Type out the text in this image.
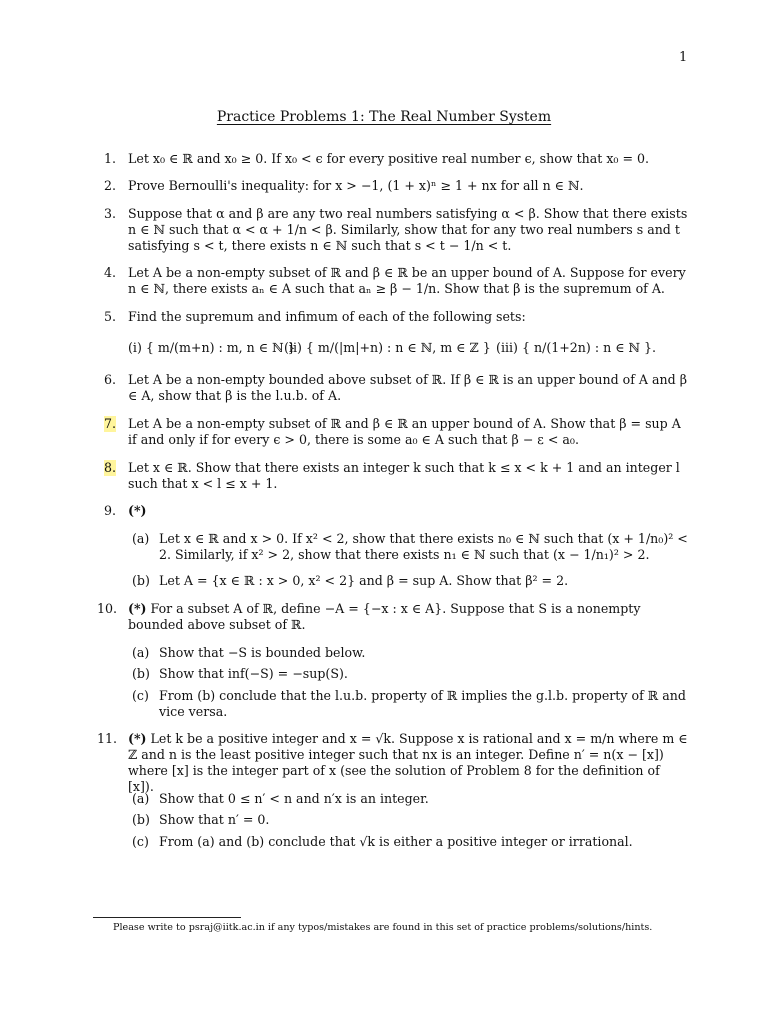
1
Practice Problems 1: The Real Number System
1. Let x₀ ∈ ℝ and x₀ ≥ 0. If x₀ < ϵ for every positive real number ϵ, show that x₀ = 0.
2. Prove Bernoulli's inequality: for x > −1, (1 + x)ⁿ ≥ 1 + nx for all n ∈ ℕ.
3. Suppose that α and β are any two real numbers satisfying α < β. Show that there exists n ∈ ℕ such that α < α + 1/n < β. Similarly, show that for any two real numbers s and t satisfying s < t, there exists n ∈ ℕ such that s < t − 1/n < t.
4. Let A be a non-empty subset of ℝ and β ∈ ℝ be an upper bound of A. Suppose for every n ∈ ℕ, there exists aₙ ∈ A such that aₙ ≥ β − 1/n. Show that β is the supremum of A.
5. Find the supremum and infimum of each of the following sets:
(i) { m/(m+n) : m, n ∈ ℕ } (ii) { m/(|m|+n) : n ∈ ℕ, m ∈ ℤ } (iii) { n/(1+2n) : n ∈ ℕ }.
6. Let A be a non-empty bounded above subset of ℝ. If β ∈ ℝ is an upper bound of A and β ∈ A, show that β is the l.u.b. of A.
7. Let A be a non-empty subset of ℝ and β ∈ ℝ an upper bound of A. Show that β = sup A if and only if for every ϵ > 0, there is some a₀ ∈ A such that β − ε < a₀.
8. Let x ∈ ℝ. Show that there exists an integer k such that k ≤ x < k + 1 and an integer l such that x < l ≤ x + 1.
9. (*)
(a) Let x ∈ ℝ and x > 0. If x² < 2, show that there exists n₀ ∈ ℕ such that (x + 1/n₀)² < 2. Similarly, if x² > 2, show that there exists n₁ ∈ ℕ such that (x − 1/n₁)² > 2.
(b) Let A = {x ∈ ℝ : x > 0, x² < 2} and β = sup A. Show that β² = 2.
10. (*) For a subset A of ℝ, define −A = {−x : x ∈ A}. Suppose that S is a nonempty bounded above subset of ℝ.
(a) Show that −S is bounded below.
(b) Show that inf(−S) = −sup(S).
(c) From (b) conclude that the l.u.b. property of ℝ implies the g.l.b. property of ℝ and vice versa.
11. (*) Let k be a positive integer and x = √k. Suppose x is rational and x = m/n where m ∈ ℤ and n is the least positive integer such that nx is an integer. Define n′ = n(x − [x]) where [x] is the integer part of x (see the solution of Problem 8 for the definition of [x]).
(a) Show that 0 ≤ n′ < n and n′x is an integer.
(b) Show that n′ = 0.
(c) From (a) and (b) conclude that √k is either a positive integer or irrational.
Please write to psraj@iitk.ac.in if any typos/mistakes are found in this set of practice problems/solutions/hints.
